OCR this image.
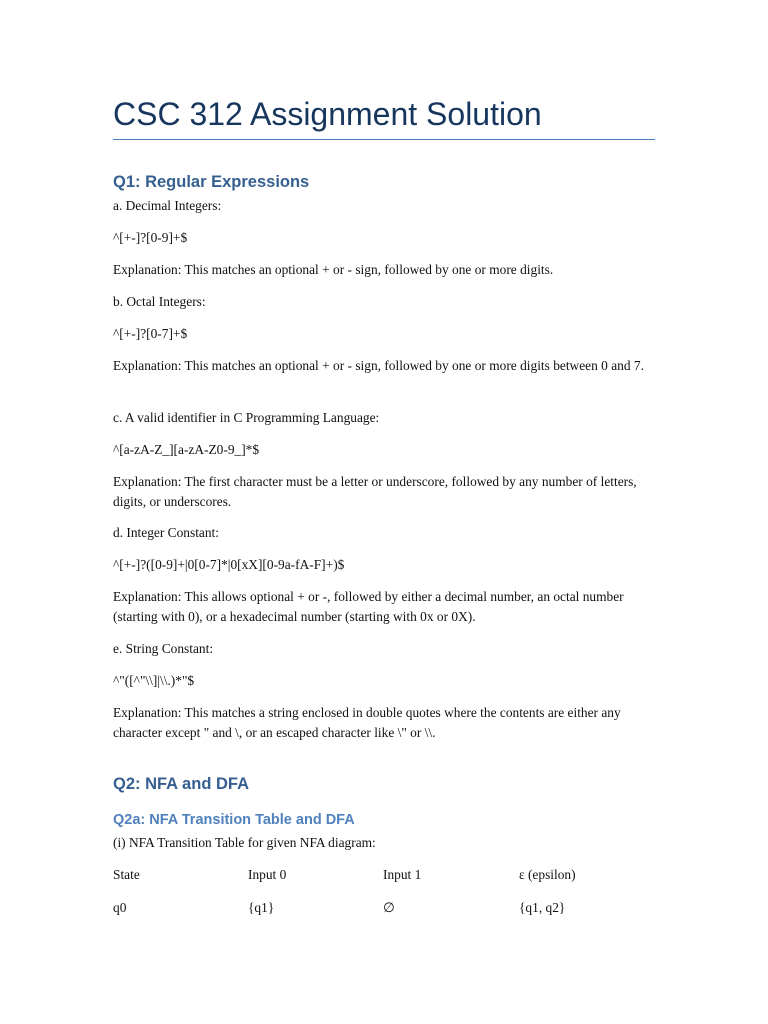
CSC 312 Assignment Solution
Q1: Regular Expressions
a. Decimal Integers:
^[+-]?[0-9]+$
Explanation: This matches an optional + or - sign, followed by one or more digits.
b. Octal Integers:
^[+-]?[0-7]+$
Explanation: This matches an optional + or - sign, followed by one or more digits between 0 and 7.
c. A valid identifier in C Programming Language:
^[a-zA-Z_][a-zA-Z0-9_]*$
Explanation: The first character must be a letter or underscore, followed by any number of letters, digits, or underscores.
d. Integer Constant:
^[+-]?([0-9]+|0[0-7]*|0[xX][0-9a-fA-F]+)$
Explanation: This allows optional + or -, followed by either a decimal number, an octal number (starting with 0), or a hexadecimal number (starting with 0x or 0X).
e. String Constant:
^"([^"\\]|\\.)*"$
Explanation: This matches a string enclosed in double quotes where the contents are either any character except " and \, or an escaped character like \" or \\.
Q2: NFA and DFA
Q2a: NFA Transition Table and DFA
(i) NFA Transition Table for given NFA diagram:
State	Input 0	Input 1	ε (epsilon)
q0	{q1}	∅	{q1, q2}
